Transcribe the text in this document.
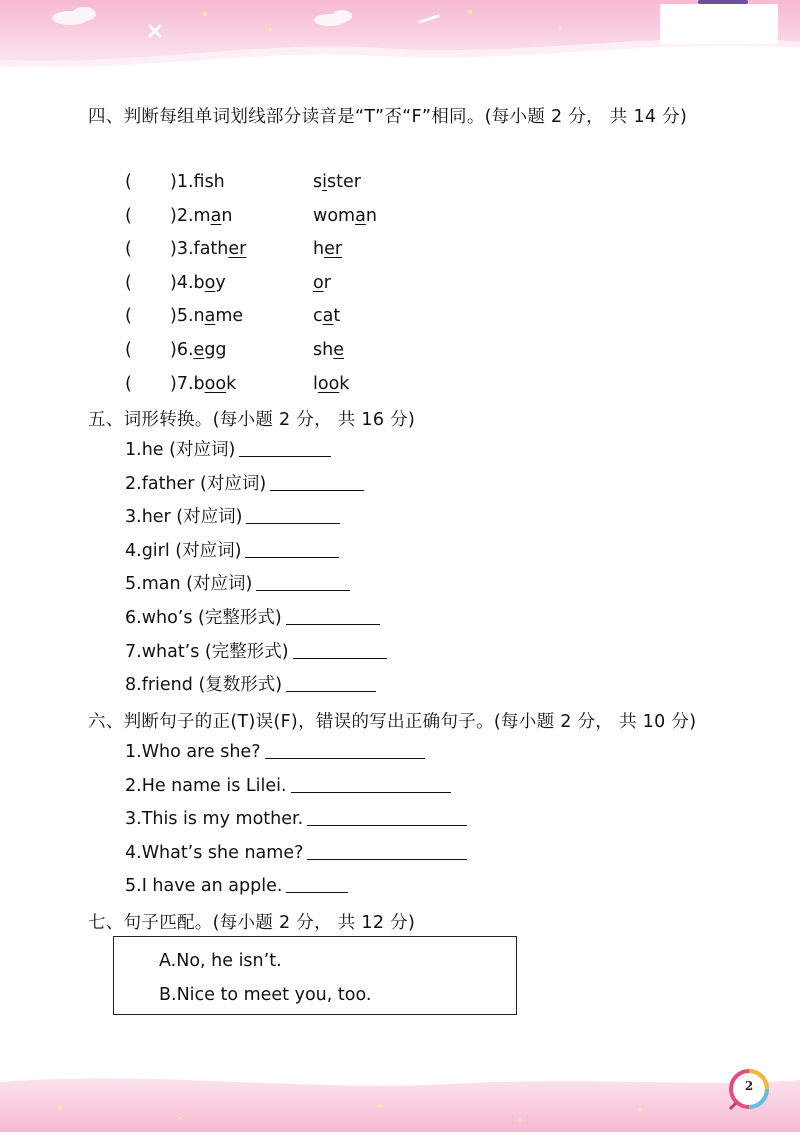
四、判断每组单词划线部分读音是“T”否“F”相同。(每小题 2 分， 共 14 分)
( )1.fsh	sister
( )2.man	woman
( )3.father	her
( )4.boy	or
( )5.name	cat
( )6.egg	she
( )7.book	look
五、词形转换。(每小题 2 分， 共 16 分)
1.he (对应词)
2.father (对应词)
3.her (对应词)
4.girl (对应词)
5.man (对应词)
6.who’s (完整形式)
7.what’s (完整形式)
8.friend (复数形式)
六、判断句子的正(T)误(F)，错误的写出正确句子。(每小题 2 分， 共 10 分)
1.Who are she?
2.He name is Lilei.
3.This is my mother.
4.What’s she name?
5.I have an apple.
七、句子匹配。(每小题 2 分， 共 12 分)
A.No, he isn’t.
B.Nice to meet you, too.
2
